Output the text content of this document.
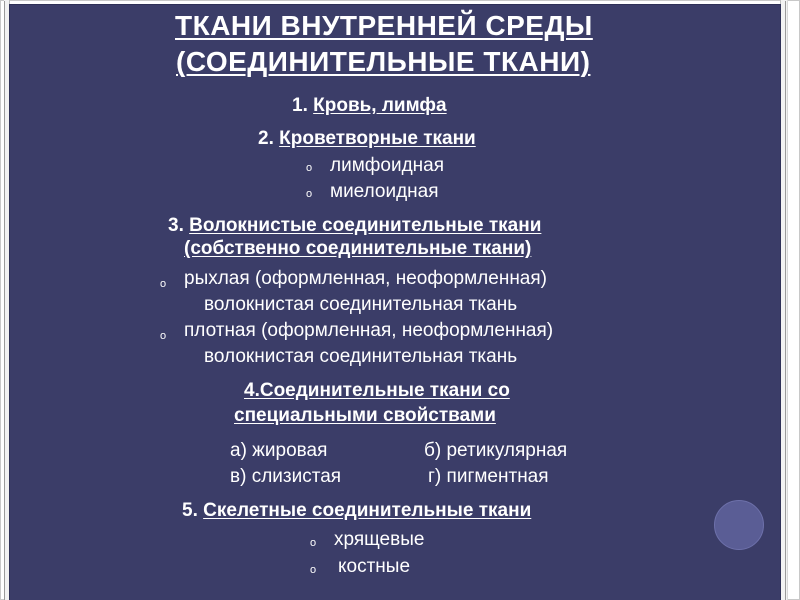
ТКАНИ ВНУТРЕННЕЙ СРЕДЫ
(СОЕДИНИТЕЛЬНЫЕ ТКАНИ)
1. Кровь, лимфа
2. Кроветворные ткани
o лимфоидная
o миелоидная
3. Волокнистые соединительные ткани
(собственно соединительные ткани)
o рыхлая (оформленная, неоформленная)
волокнистая соединительная ткань
o плотная (оформленная, неоформленная)
волокнистая соединительная ткань
4.Соединительные ткани со
специальными свойствами
а) жировая	б) ретикулярная
в) слизистая	г) пигментная
5. Скелетные соединительные ткани
o хрящевые
o костные
